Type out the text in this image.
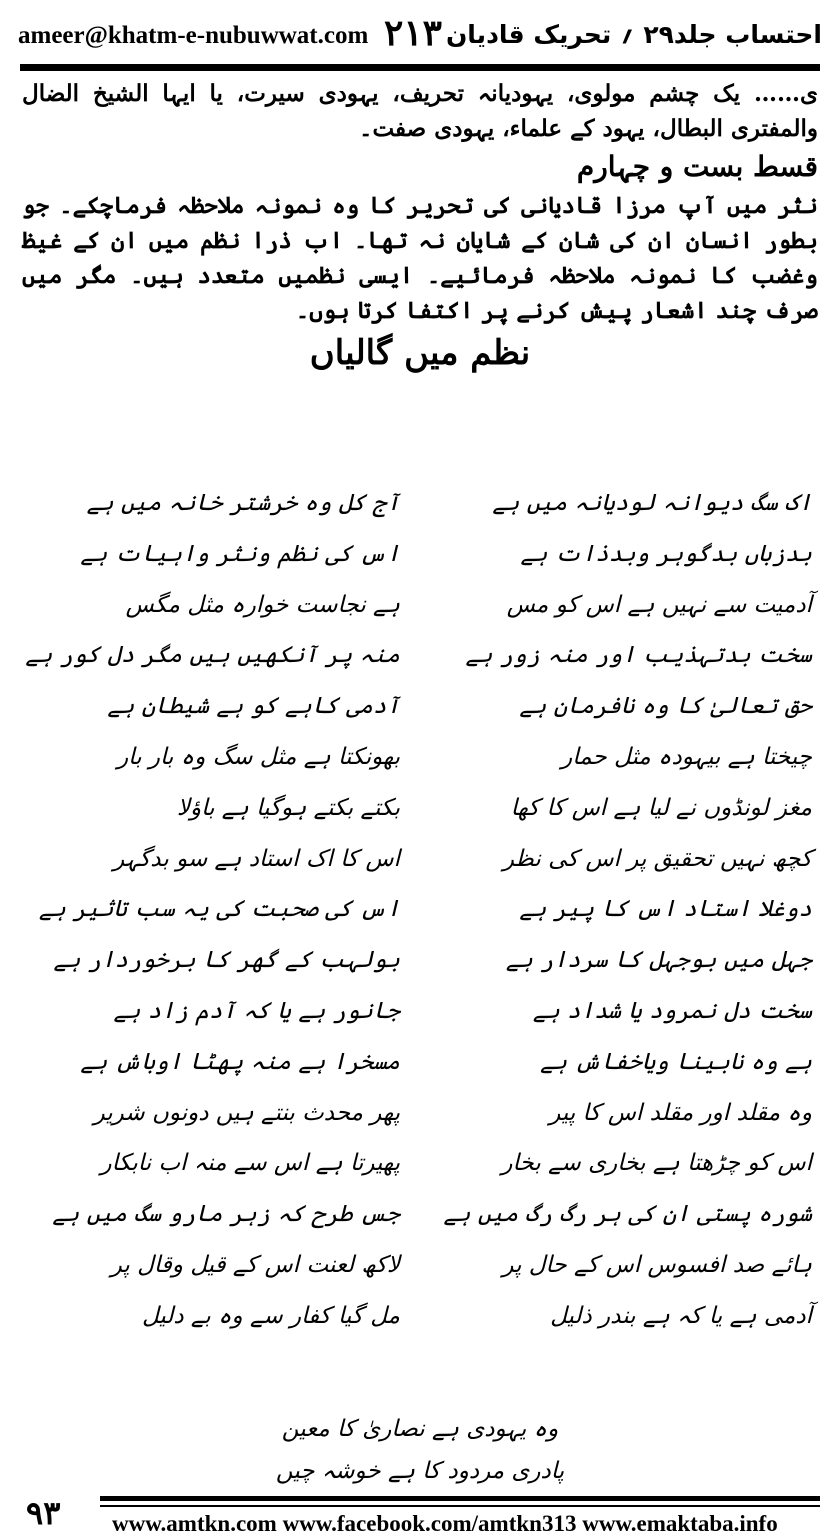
ameer@khatm-e-nubuwwat.com ۲۱۳ احتساب جلد۲۹ ؍ تحریک قادیان

ی…… یک چشم مولوی، یہودیانہ تحریف، یہودی سیرت، یا ایہا الشیخ الضال والمفتری البطال، یہود کے علماء، یہودی صفت۔

قسط بست و چہارم

نثر میں آپ مرزا قادیانی کی تحریر کا وہ نمونہ ملاحظہ فرماچکے۔ جو بطور انسان ان کی شان کے شایان نہ تھا۔ اب ذرا نظم میں ان کے غیظ وغضب کا نمونہ ملاحظہ فرمائیے۔ ایسی نظمیں متعدد ہیں۔ مگر میں صرف چند اشعار پیش کرنے پر اکتفا کرتا ہوں۔

نظم میں گالیاں

اک سگ دیوانہ لودیانہ میں ہے
آج کل وہ خرشتر خانہ میں ہے
بدزباں بدگوہر وبدذات ہے
اس کی نظم ونثر واہیات ہے
آدمیت سے نہیں ہے اس کو مس
ہے نجاست خوارہ مثل مگس
سخت بدتہذیب اور منہ زور ہے
منہ پر آنکھیں ہیں مگر دل کور ہے
حق تعالیٰ کا وہ نافرمان ہے
آدمی کاہے کو ہے شیطان ہے
چیختا ہے بیہودہ مثل حمار
بھونکتا ہے مثل سگ وہ بار بار
مغز لونڈوں نے لیا ہے اس کا کھا
بکتے بکتے ہوگیا ہے باؤلا
کچھ نہیں تحقیق پر اس کی نظر
اس کا اک استاد ہے سو بدگہر
دوغلا استاد اس کا پیر ہے
اس کی صحبت کی یہ سب تاثیر ہے
جہل میں بوجہل کا سردار ہے
بولہب کے گھر کا برخوردار ہے
سخت دل نمرود یا شداد ہے
جانور ہے یا کہ آدم زاد ہے
ہے وہ نابینا ویاخفاش ہے
مسخرا ہے منہ پھٹا اوباش ہے
وہ مقلد اور مقلد اس کا پیر
پھر محدث بنتے ہیں دونوں شریر
اس کو چڑھتا ہے بخاری سے بخار
پھیرتا ہے اس سے منہ اب نابکار
شورہ پستی ان کی ہر رگ رگ میں ہے
جس طرح کہ زہر مارو سگ میں ہے
ہائے صد افسوس اس کے حال پر
لاکھ لعنت اس کے قیل وقال پر
آدمی ہے یا کہ ہے بندر ذلیل
مل گیا کفار سے وہ بے دلیل
وہ یہودی ہے نصاریٰ کا معین
پادری مردود کا ہے خوشہ چیں
۹۳ www.amtkn.com www.facebook.com/amtkn313 www.emaktaba.info
